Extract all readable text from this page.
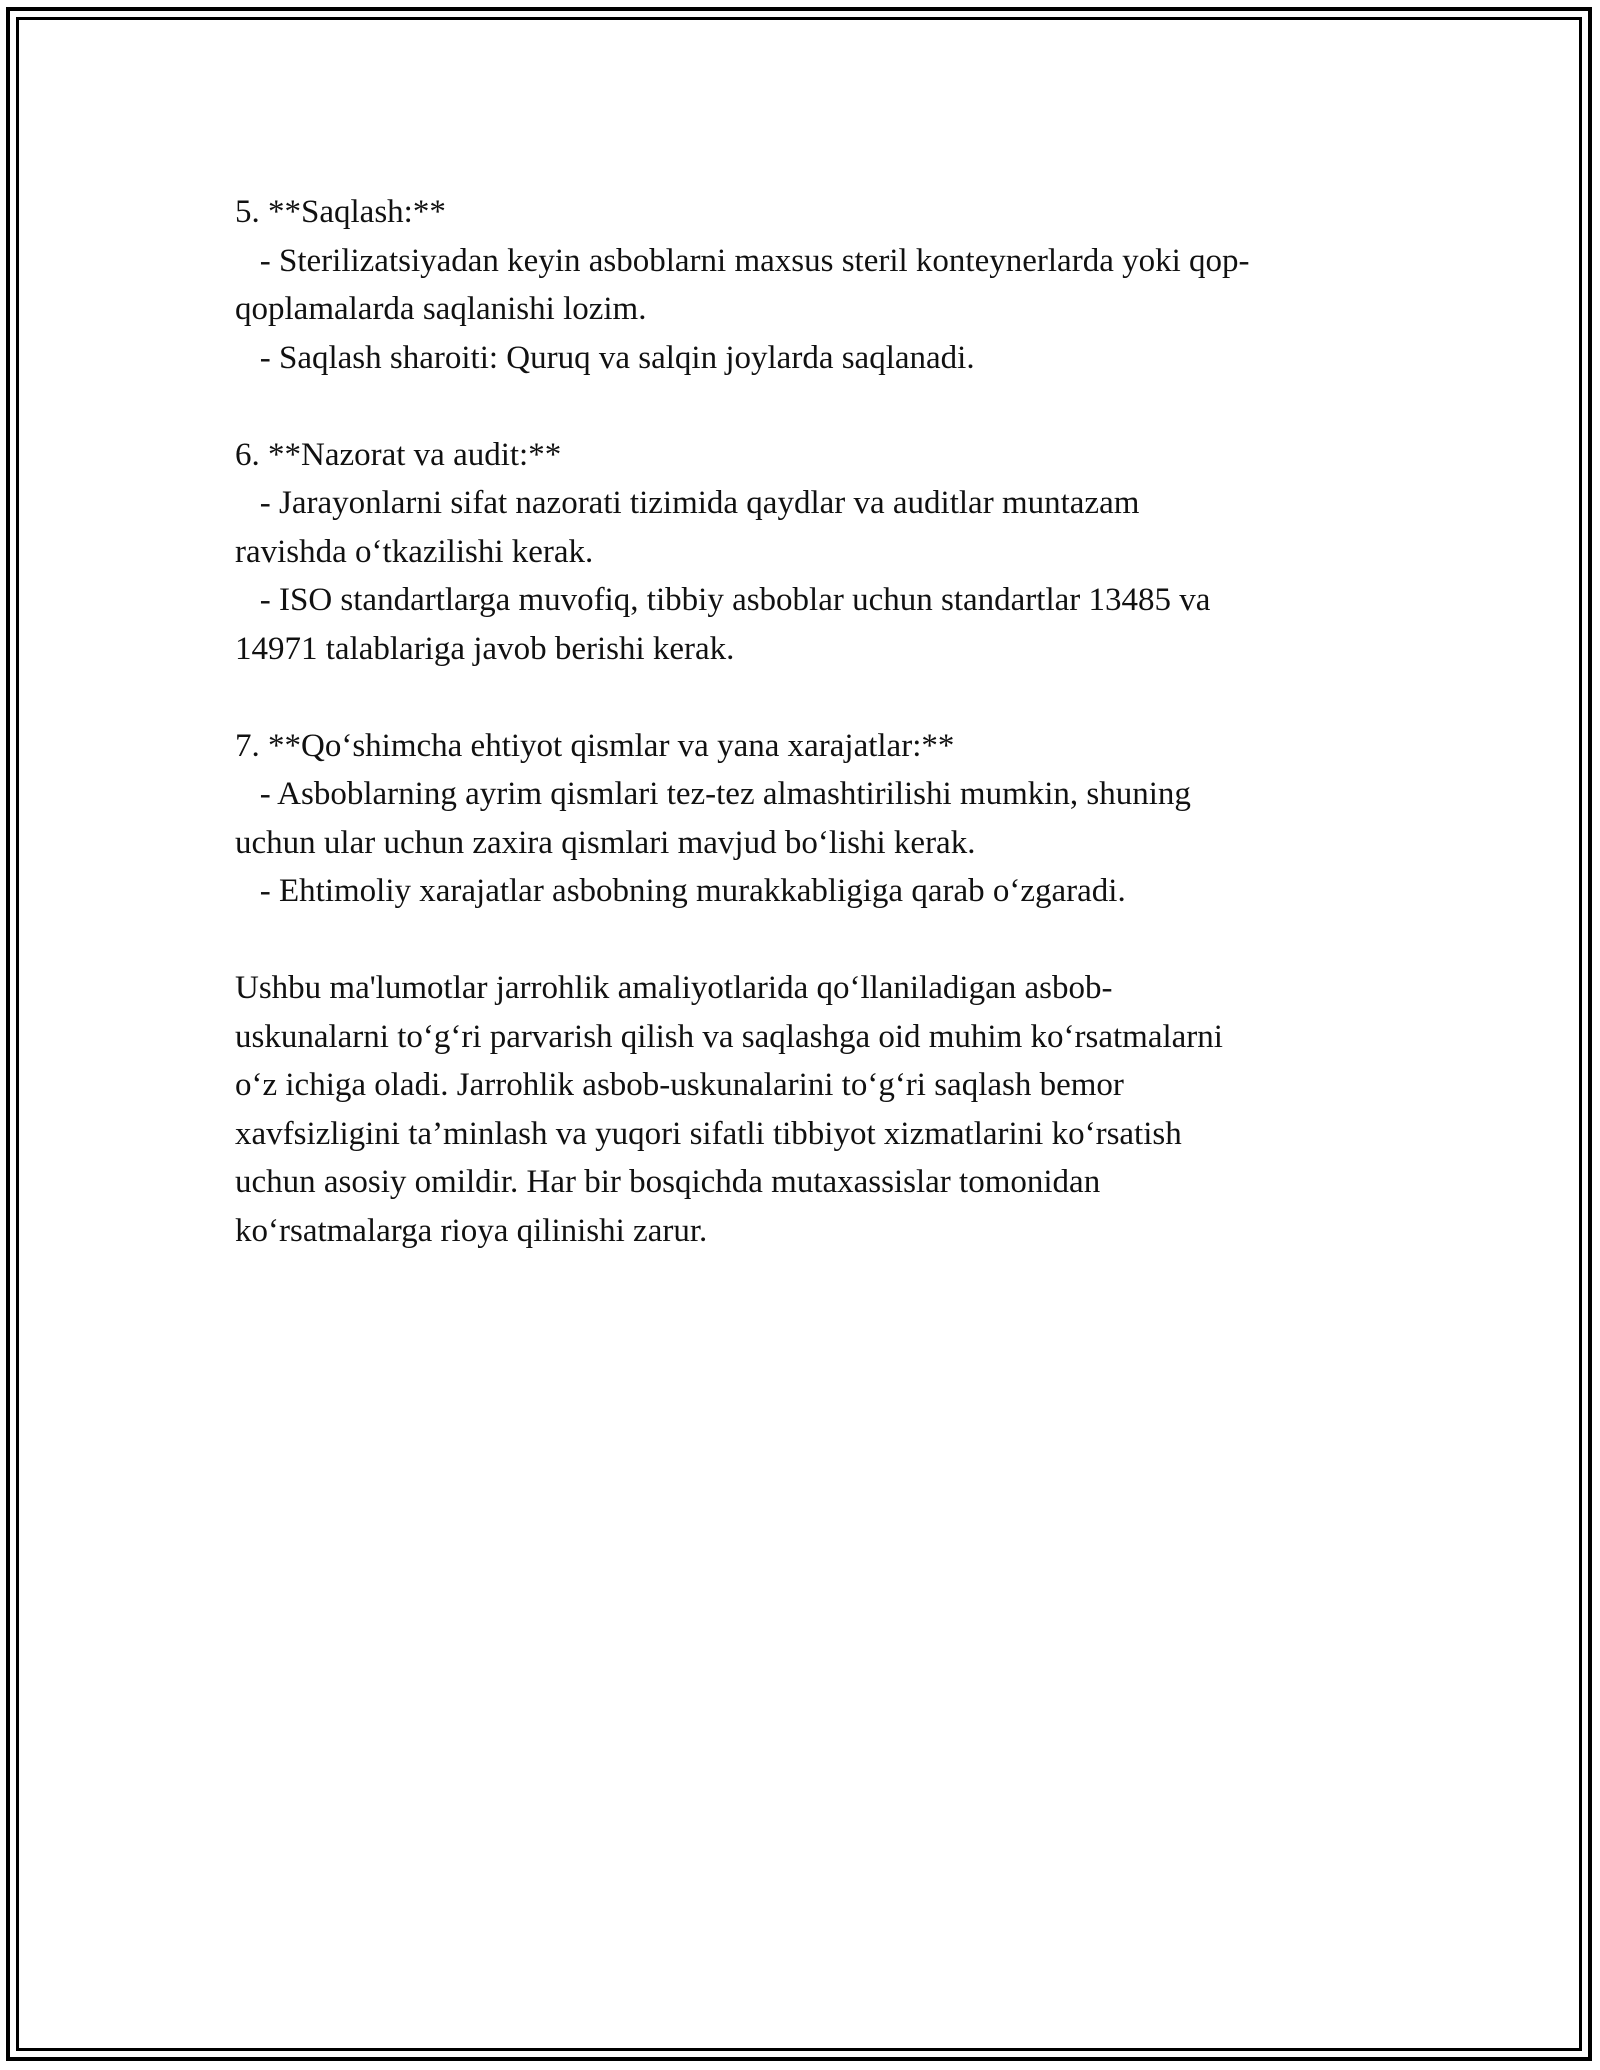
5. **Saqlash:**
- Sterilizatsiyadan keyin asboblarni maxsus steril konteynerlarda yoki qop-
qoplamalarda saqlanishi lozim.
- Saqlash sharoiti: Quruq va salqin joylarda saqlanadi.
6. **Nazorat va audit:**
- Jarayonlarni sifat nazorati tizimida qaydlar va auditlar muntazam
ravishda o‘tkazilishi kerak.
- ISO standartlarga muvofiq, tibbiy asboblar uchun standartlar 13485 va
14971 talablariga javob berishi kerak.
7. **Qo‘shimcha ehtiyot qismlar va yana xarajatlar:**
- Asboblarning ayrim qismlari tez-tez almashtirilishi mumkin, shuning
uchun ular uchun zaxira qismlari mavjud bo‘lishi kerak.
- Ehtimoliy xarajatlar asbobning murakkabligiga qarab o‘zgaradi.
Ushbu ma'lumotlar jarrohlik amaliyotlarida qo‘llaniladigan asbob-
uskunalarni to‘g‘ri parvarish qilish va saqlashga oid muhim ko‘rsatmalarni
o‘z ichiga oladi. Jarrohlik asbob-uskunalarini to‘g‘ri saqlash bemor
xavfsizligini ta’minlash va yuqori sifatli tibbiyot xizmatlarini ko‘rsatish
uchun asosiy omildir. Har bir bosqichda mutaxassislar tomonidan
ko‘rsatmalarga rioya qilinishi zarur.
